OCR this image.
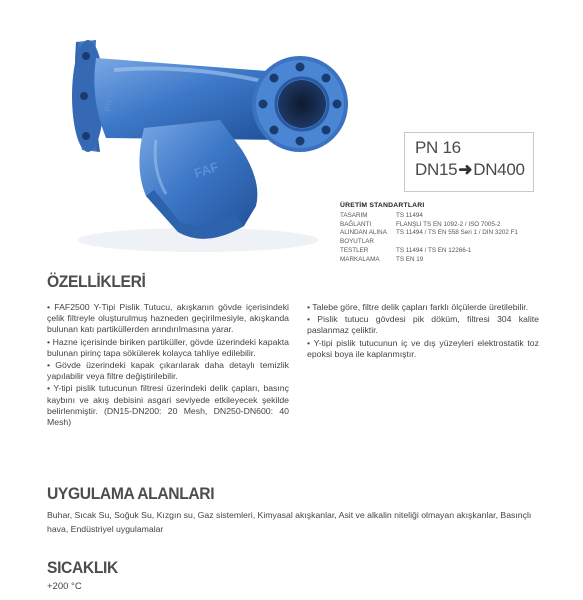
FAF
PN16
PN 16
DN15➜DN400
ÜRETİM STANDARTLARI
TASARIM	TS 11494
BAĞLANTI	FLANŞLI TS EN 1092-2 / ISO 7005-2
ALINDAN ALINA	TS 11494 / TS EN 558 Seri 1 / DIN 3202 F1
BOYUTLAR
TESTLER	TS 11494 / TS EN 12266-1
MARKALAMA	TS EN 19
ÖZELLİKLERİ

• FAF2500 Y-Tipi Pislik Tutucu, akışkanın gövde içerisindeki çelik filtreyle oluşturulmuş hazneden geçirilmesiyle, akışkanda bulunan katı partiküllerden arındırılmasına yarar.

• Hazne içerisinde biriken partiküller, gövde üzerindeki kapakta bulunan pirinç tapa sökülerek kolayca tahliye edilebilir.

• Gövde üzerindeki kapak çıkarılarak daha detaylı temizlik yapılabilir veya filtre değiştirilebilir.

• Y-tipi pislik tutucunun filtresi üzerindeki delik çapları, basınç kaybını ve akış debisini asgari seviyede etkileyecek şekilde belirlenmiştir. (DN15-DN200: 20 Mesh, DN250-DN600: 40 Mesh)

• Talebe göre, filtre delik çapları farklı ölçülerde üretilebilir.

• Pislik tutucu gövdesi pik döküm, filtresi 304 kalite paslanmaz çeliktir.

• Y-tipi pislik tutucunun iç ve dış yüzeyleri elektrostatik toz epoksi boya ile kaplanmıştır.

UYGULAMA ALANLARI
Buhar, Sıcak Su, Soğuk Su, Kızgın su, Gaz sistemleri, Kimyasal akışkanlar, Asit ve alkalin niteliği olmayan akışkanlar, Basınçlı hava, Endüstriyel uygulamalar
SICAKLIK
+200 °C
